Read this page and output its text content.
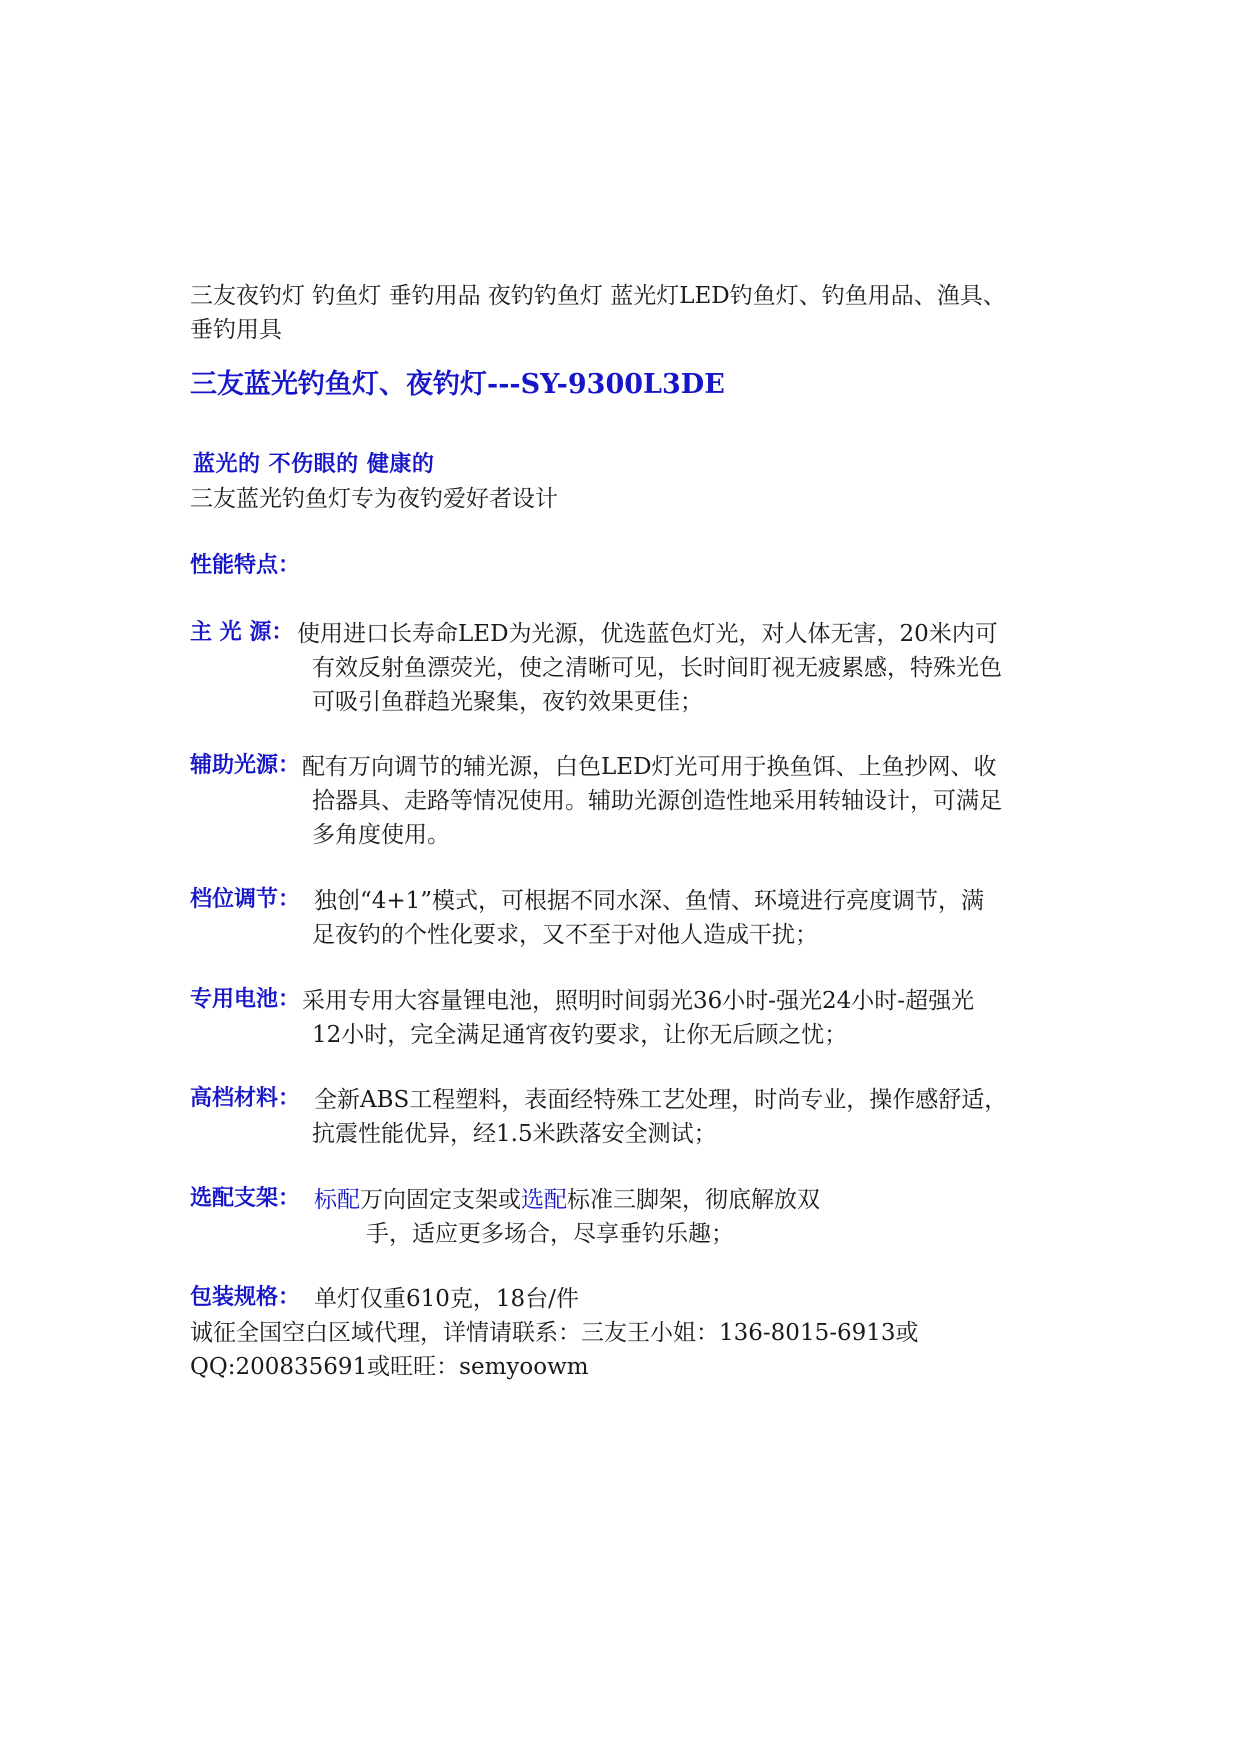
三友夜钓灯 钓鱼灯 垂钓用品 夜钓钓鱼灯 蓝光灯LED钓鱼灯、钓鱼用品、渔具、
垂钓用具
三友蓝光钓鱼灯、夜钓灯---SY-9300L3DE
蓝光的 不伤眼的 健康的
三友蓝光钓鱼灯专为夜钓爱好者设计
性能特点：
主 光 源： 使用进口长寿命LED为光源，优选蓝色灯光，对人体无害，20米内可
有效反射鱼漂荧光，使之清晰可见，长时间盯视无疲累感，特殊光色
可吸引鱼群趋光聚集，夜钓效果更佳；
辅助光源： 配有万向调节的辅光源，白色LED灯光可用于换鱼饵、上鱼抄网、收
拾器具、走路等情况使用。辅助光源创造性地采用转轴设计，可满足
多角度使用。
档位调节： 独创“4+1”模式，可根据不同水深、鱼情、环境进行亮度调节，满
足夜钓的个性化要求，又不至于对他人造成干扰；
专用电池： 采用专用大容量锂电池，照明时间弱光36小时-强光24小时-超强光
12小时，完全满足通宵夜钓要求，让你无后顾之忧；
高档材料： 全新ABS工程塑料，表面经特殊工艺处理，时尚专业，操作感舒适，
抗震性能优异，经1.5米跌落安全测试；
选配支架： 标配万向固定支架或选配标准三脚架，彻底解放双
手，适应更多场合，尽享垂钓乐趣；
包装规格： 单灯仅重610克，18台/件
诚征全国空白区域代理，详情请联系：三友王小姐：136-8015-6913或
QQ:200835691或旺旺：semyoowm
